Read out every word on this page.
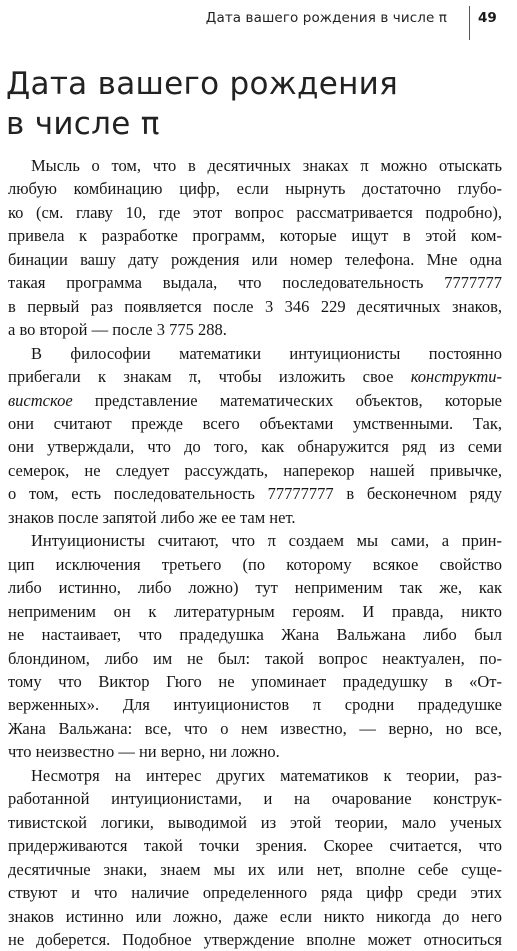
Дата вашего рождения в числе π 49
Дата вашего рождения
в числе π

Мысль о том, что в десятичных знаках π можно отыскать
любую комбинацию цифр, если нырнуть достаточно глубо-
ко (см. главу 10, где этот вопрос рассматривается подробно),
привела к разработке программ, которые ищут в этой ком-
бинации вашу дату рождения или номер телефона. Мне одна
такая программа выдала, что последовательность 7777777
в первый раз появляется после 3 346 229 десятичных знаков,
а во второй — после 3 775 288.

В философии математики интуиционисты постоянно
прибегали к знакам π, чтобы изложить свое конструкти-
вистское представление математических объектов, которые
они считают прежде всего объектами умственными. Так,
они утверждали, что до того, как обнаружится ряд из семи
семерок, не следует рассуждать, наперекор нашей привычке,
о том, есть последовательность 77777777 в бесконечном ряду
знаков после запятой либо же ее там нет.

Интуиционисты считают, что π создаем мы сами, а прин-
цип исключения третьего (по которому всякое свойство
либо истинно, либо ложно) тут неприменим так же, как
неприменим он к литературным героям. И правда, никто
не настаивает, что прадедушка Жана Вальжана либо был
блондином, либо им не был: такой вопрос неактуален, по-
тому что Виктор Гюго не упоминает прадедушку в «От-
верженных». Для интуиционистов π сродни прадедушке
Жана Вальжана: все, что о нем известно, — верно, но все,
что неизвестно — ни верно, ни ложно.

Несмотря на интерес других математиков к теории, раз-
работанной интуиционистами, и на очарование конструк-
тивистской логики, выводимой из этой теории, мало ученых
придерживаются такой точки зрения. Скорее считается, что
десятичные знаки, знаем мы их или нет, вполне себе суще-
ствуют и что наличие определенного ряда цифр среди этих
знаков истинно или ложно, даже если никто никогда до него
не доберется. Подобное утверждение вполне может относиться
